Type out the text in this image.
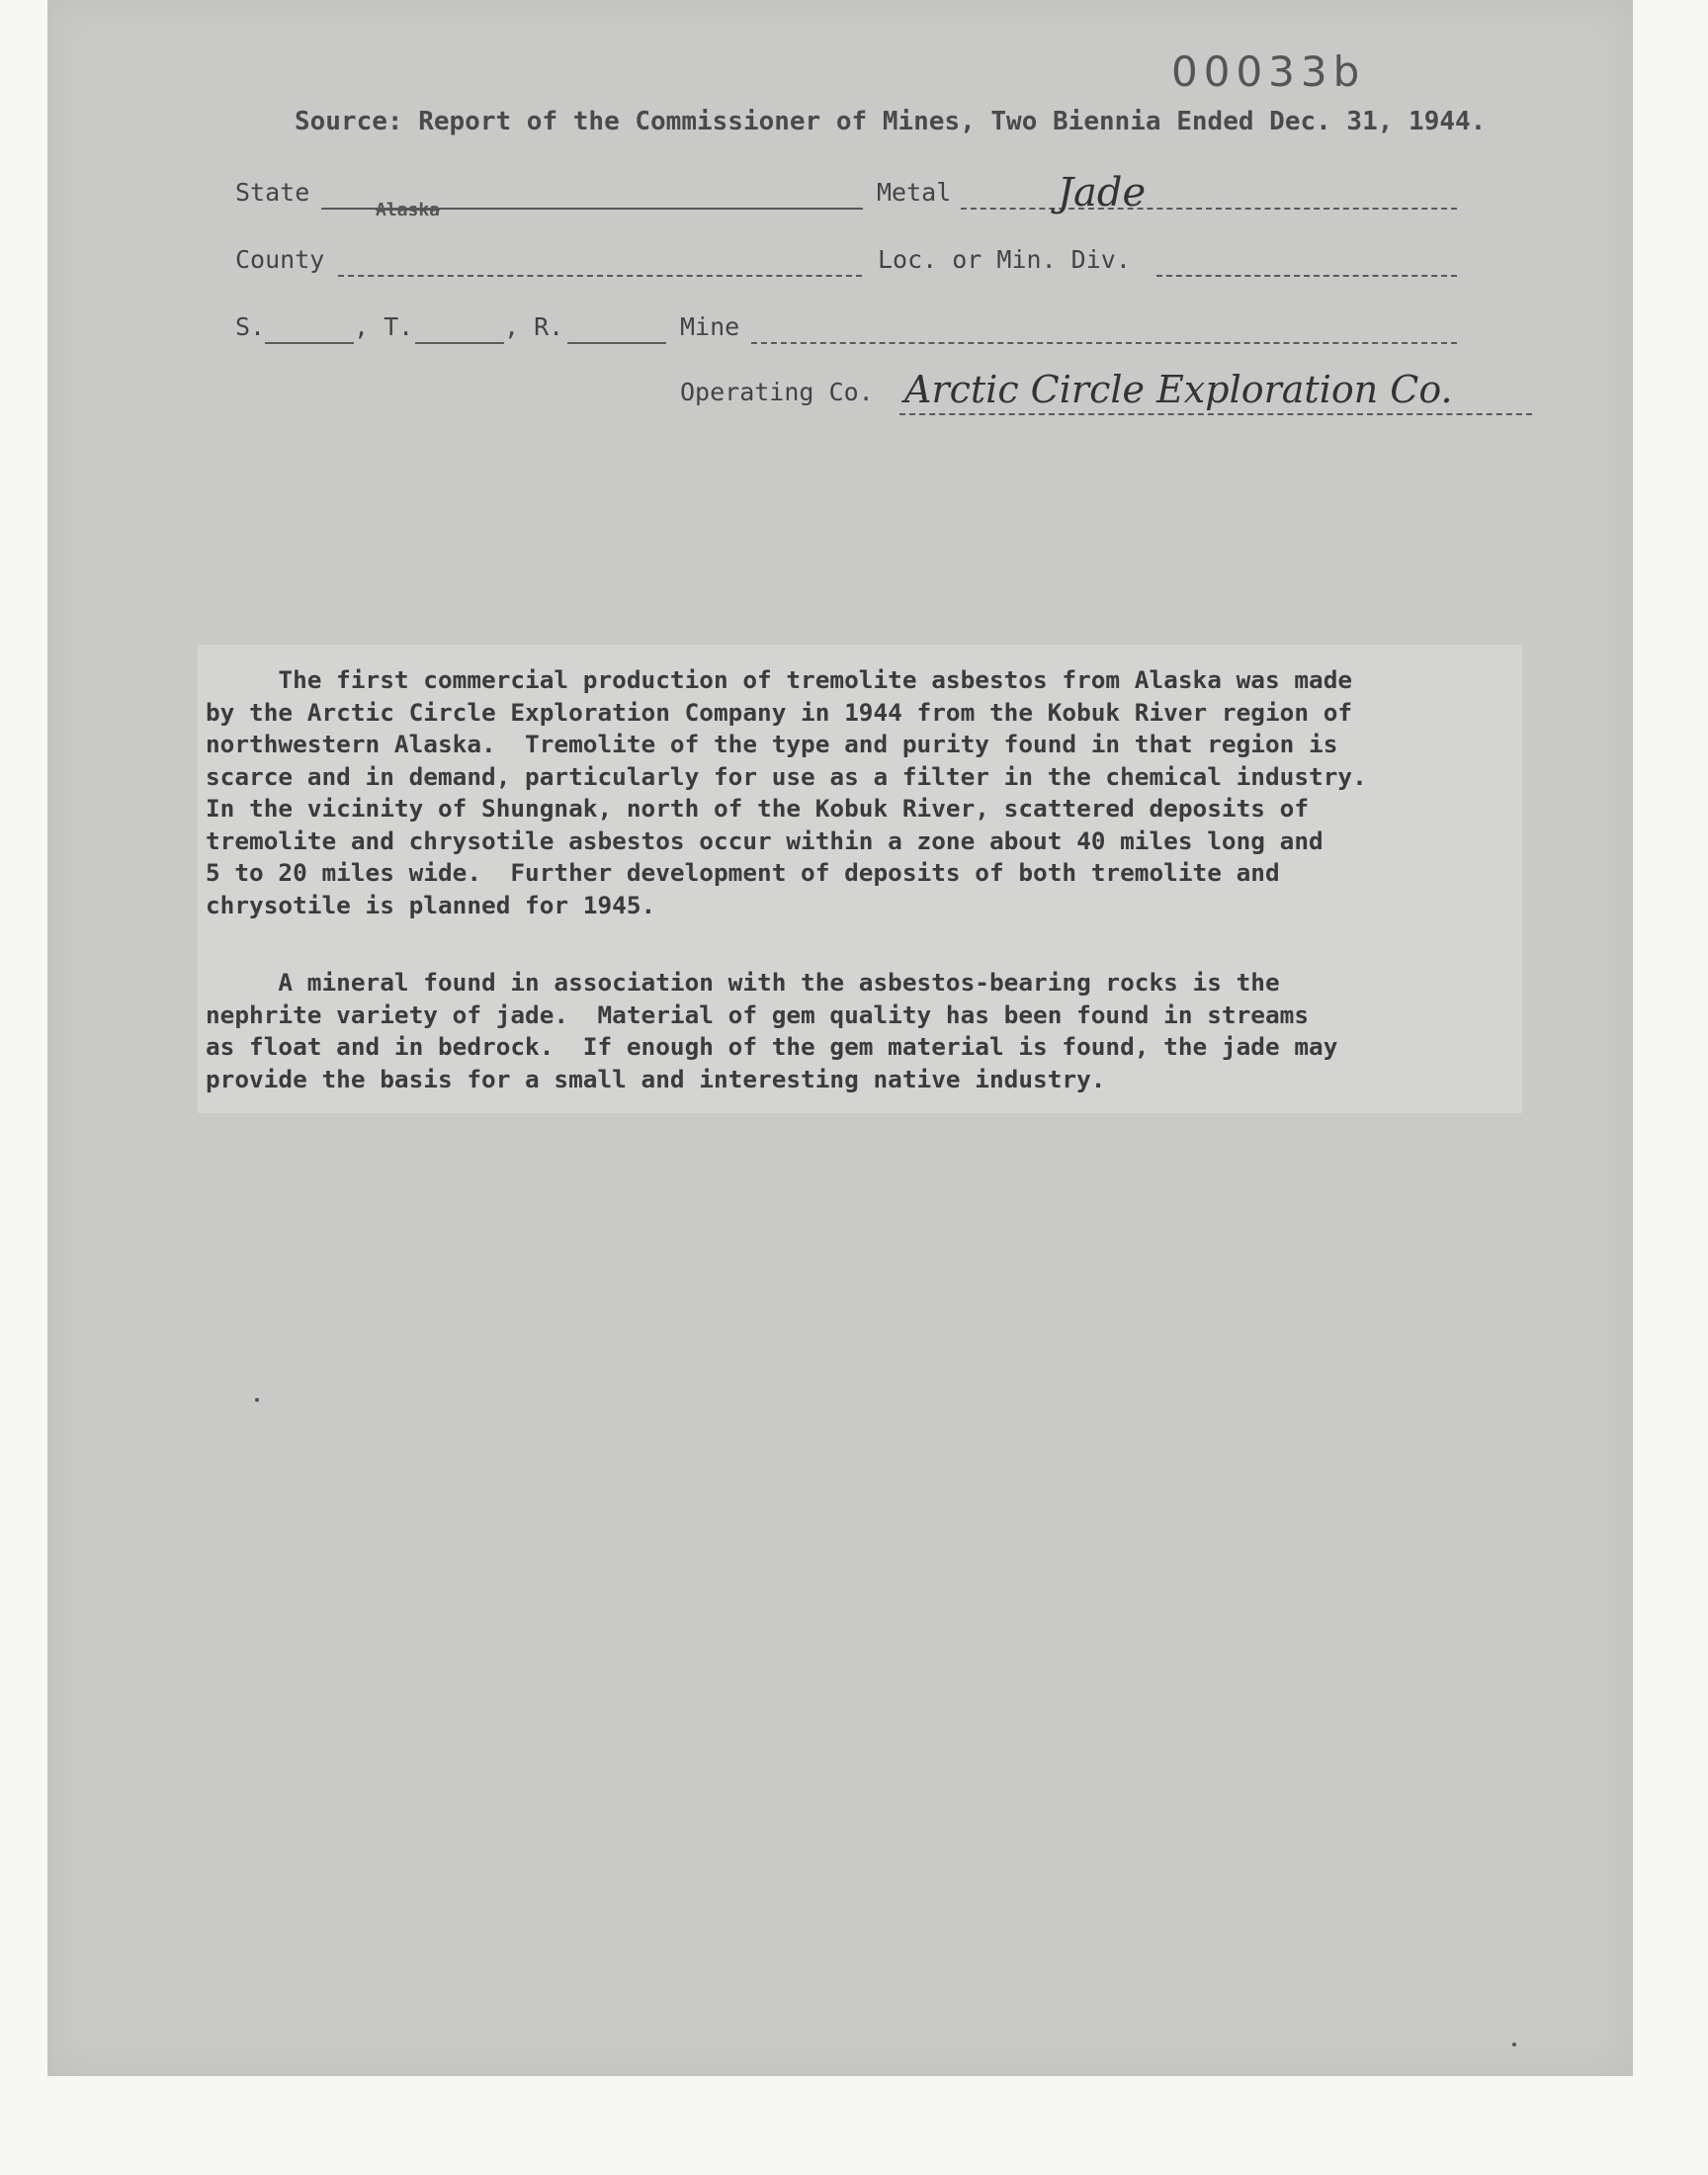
00033b
Source: Report of the Commissioner of Mines, Two Biennia Ended Dec. 31, 1944.
State
Alaska
Metal	Jade
County	Loc. or Min. Div.
S.	, T.	, R.	Mine
Operating Co. Arctic Circle Exploration Co.
The first commercial production of tremolite asbestos from Alaska was made
by the Arctic Circle Exploration Company in 1944 from the Kobuk River region of
northwestern Alaska.  Tremolite of the type and purity found in that region is
scarce and in demand, particularly for use as a filter in the chemical industry.
In the vicinity of Shungnak, north of the Kobuk River, scattered deposits of
tremolite and chrysotile asbestos occur within a zone about 40 miles long and
5 to 20 miles wide.  Further development of deposits of both tremolite and
chrysotile is planned for 1945.
A mineral found in association with the asbestos-bearing rocks is the
nephrite variety of jade.  Material of gem quality has been found in streams
as float and in bedrock.  If enough of the gem material is found, the jade may
provide the basis for a small and interesting native industry.
